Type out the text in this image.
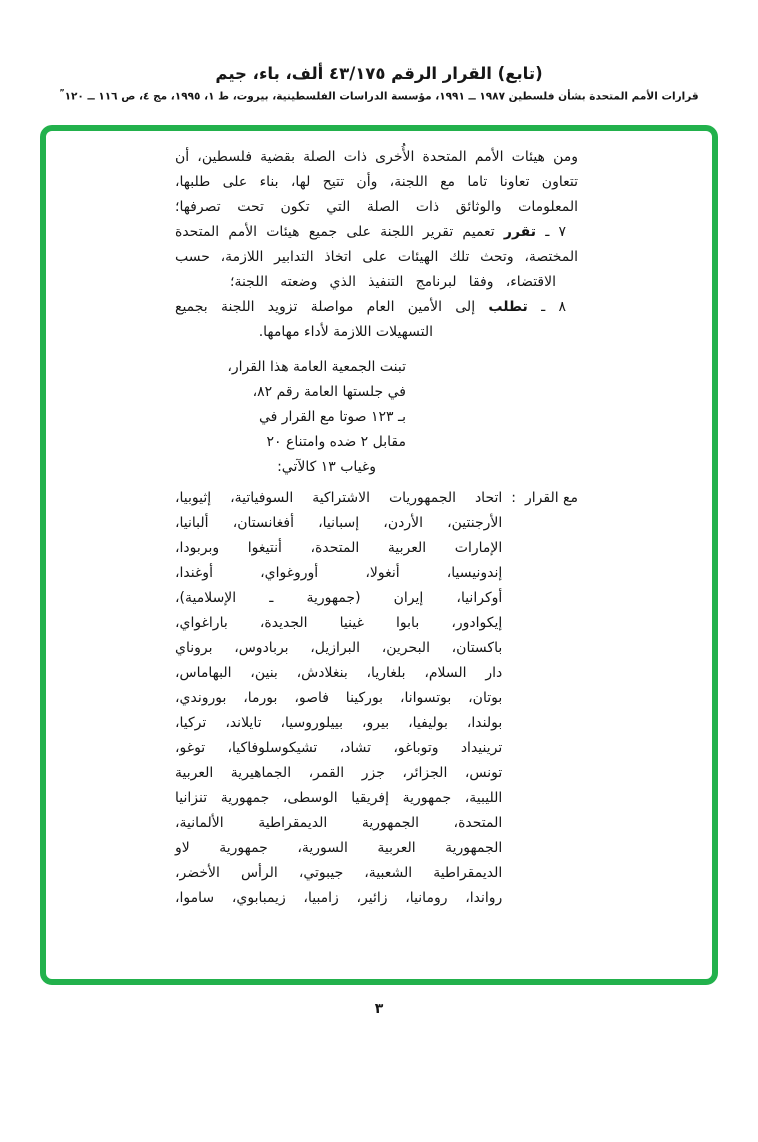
(تابع) القرار الرقم ٤٣/١٧٥ ألف، باء، جيم
قرارات الأمم المتحدة بشأن فلسطين ١٩٨٧ ــ ١٩٩١، مؤسسة الدراسات الفلسطينية، بيروت، ط ١، ١٩٩٥، مج ٤، ص ١١٦ ــ ١٢٠”
ومن هيئات الأمم المتحدة الأُخرى ذات الصلة بقضية فلسطين، أن
تتعاون تعاونا تاما مع اللجنة، وأن تتيح لها، بناء على طلبها،
المعلومات والوثائق ذات الصلة التي تكون تحت تصرفها؛
٧ ـ تقرر تعميم تقرير اللجنة على جميع هيئات الأمم المتحدة
المختصة، وتحث تلك الهيئات على اتخاذ التدابير اللازمة، حسب
الاقتضاء، وفقا لبرنامج التنفيذ الذي وضعته اللجنة؛
٨ ـ تطلب إلى الأمين العام مواصلة تزويد اللجنة بجميع
التسهيلات اللازمة لأداء مهامها.
تبنت الجمعية العامة هذا القرار،
في جلستها العامة رقم ٨٢،
بـ ١٢٣ صوتا مع القرار في
مقابل ٢ ضده وامتناع ٢٠
وغياب ١٣ كالآتي:
مع القرار
:
اتحاد الجمهوريات الاشتراكية السوفياتية، إثيوبيا،
الأرجنتين، الأردن، إسبانيا، أفغانستان، ألبانيا،
الإمارات العربية المتحدة، أنتيغوا وبربودا،
إندونيسيا، أنغولا، أوروغواي، أوغندا،
أوكرانيا، إيران (جمهورية ـ الإسلامية)،
إيكوادور، بابوا غينيا الجديدة، باراغواي،
باكستان، البحرين، البرازيل، بربادوس، بروناي
دار السلام، بلغاريا، بنغلادش، بنين، البهاماس،
بوتان، بوتسوانا، بوركينا فاصو، بورما، بوروندي،
بولندا، بوليفيا، بيرو، بييلوروسيا، تايلاند، تركيا،
ترينيداد وتوباغو، تشاد، تشيكوسلوفاكيا، توغو،
تونس، الجزائر، جزر القمر، الجماهيرية العربية
الليبية، جمهورية إفريقيا الوسطى، جمهورية تنزانيا
المتحدة، الجمهورية الديمقراطية الألمانية،
الجمهورية العربية السورية، جمهورية لاو
الديمقراطية الشعبية، جيبوتي، الرأس الأخضر،
رواندا، رومانيا، زائير، زامبيا، زيمبابوي، ساموا،
٣
